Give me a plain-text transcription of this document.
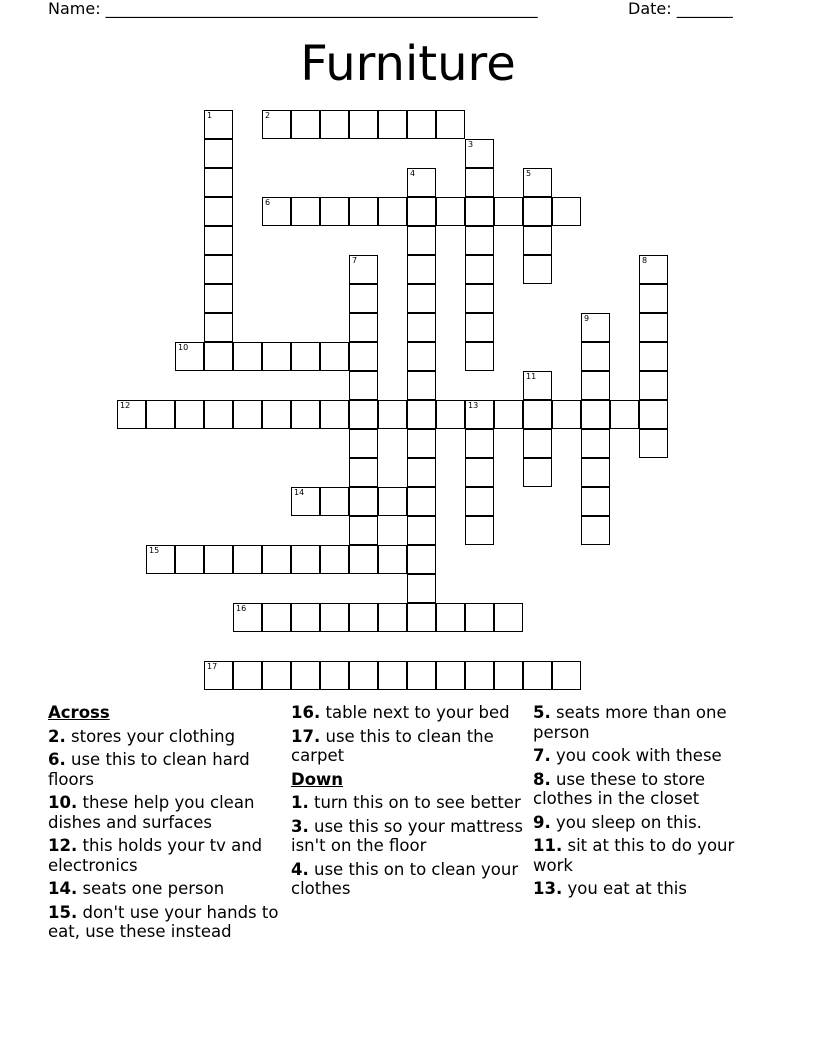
Name: ______________________________________________________	Date: _______
Furniture
1	2
3
4	5
6
7	8
9
10
11
12	13
14
15
16
17
Across
2. stores your clothing
6. use this to clean hard floors
10. these help you clean dishes and surfaces
12. this holds your tv and electronics
14. seats one person
15. don't use your hands to eat, use these instead
16. table next to your bed
17. use this to clean the carpet
Down
1. turn this on to see better
3. use this so your mattress isn't on the floor
4. use this on to clean your clothes
5. seats more than one person
7. you cook with these
8. use these to store clothes in the closet
9. you sleep on this.
11. sit at this to do your work
13. you eat at this
